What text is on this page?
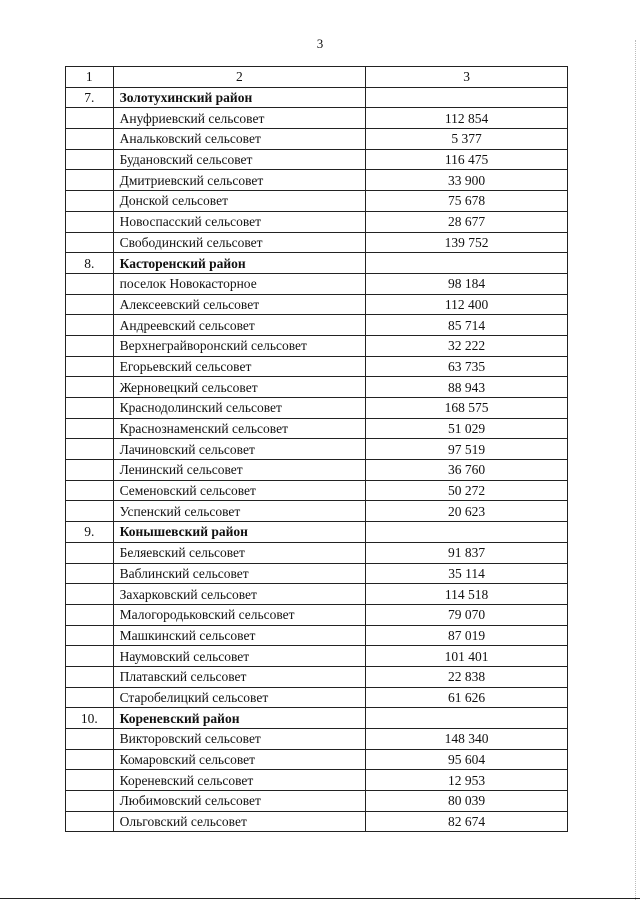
3
1	2	3
7.	Золотухинский район	
	Ануфриевский сельсовет	112 854
	Анальковский сельсовет	5 377
	Будановский сельсовет	116 475
	Дмитриевский сельсовет	33 900
	Донской сельсовет	75 678
	Новоспасский сельсовет	28 677
	Свободинский сельсовет	139 752
8.	Касторенский район	
	поселок Новокасторное	98 184
	Алексеевский сельсовет	112 400
	Андреевский сельсовет	85 714
	Верхнеграйворонский сельсовет	32 222
	Егорьевский сельсовет	63 735
	Жерновецкий сельсовет	88 943
	Краснодолинский сельсовет	168 575
	Краснознаменский сельсовет	51 029
	Лачиновский сельсовет	97 519
	Ленинский сельсовет	36 760
	Семеновский сельсовет	50 272
	Успенский сельсовет	20 623
9.	Конышевский район	
	Беляевский сельсовет	91 837
	Ваблинский сельсовет	35 114
	Захарковский сельсовет	114 518
	Малогородьковский сельсовет	79 070
	Машкинский сельсовет	87 019
	Наумовский сельсовет	101 401
	Платавский сельсовет	22 838
	Старобелицкий сельсовет	61 626
10.	Кореневский район	
	Викторовский сельсовет	148 340
	Комаровский сельсовет	95 604
	Кореневский сельсовет	12 953
	Любимовский сельсовет	80 039
	Ольговский сельсовет	82 674
